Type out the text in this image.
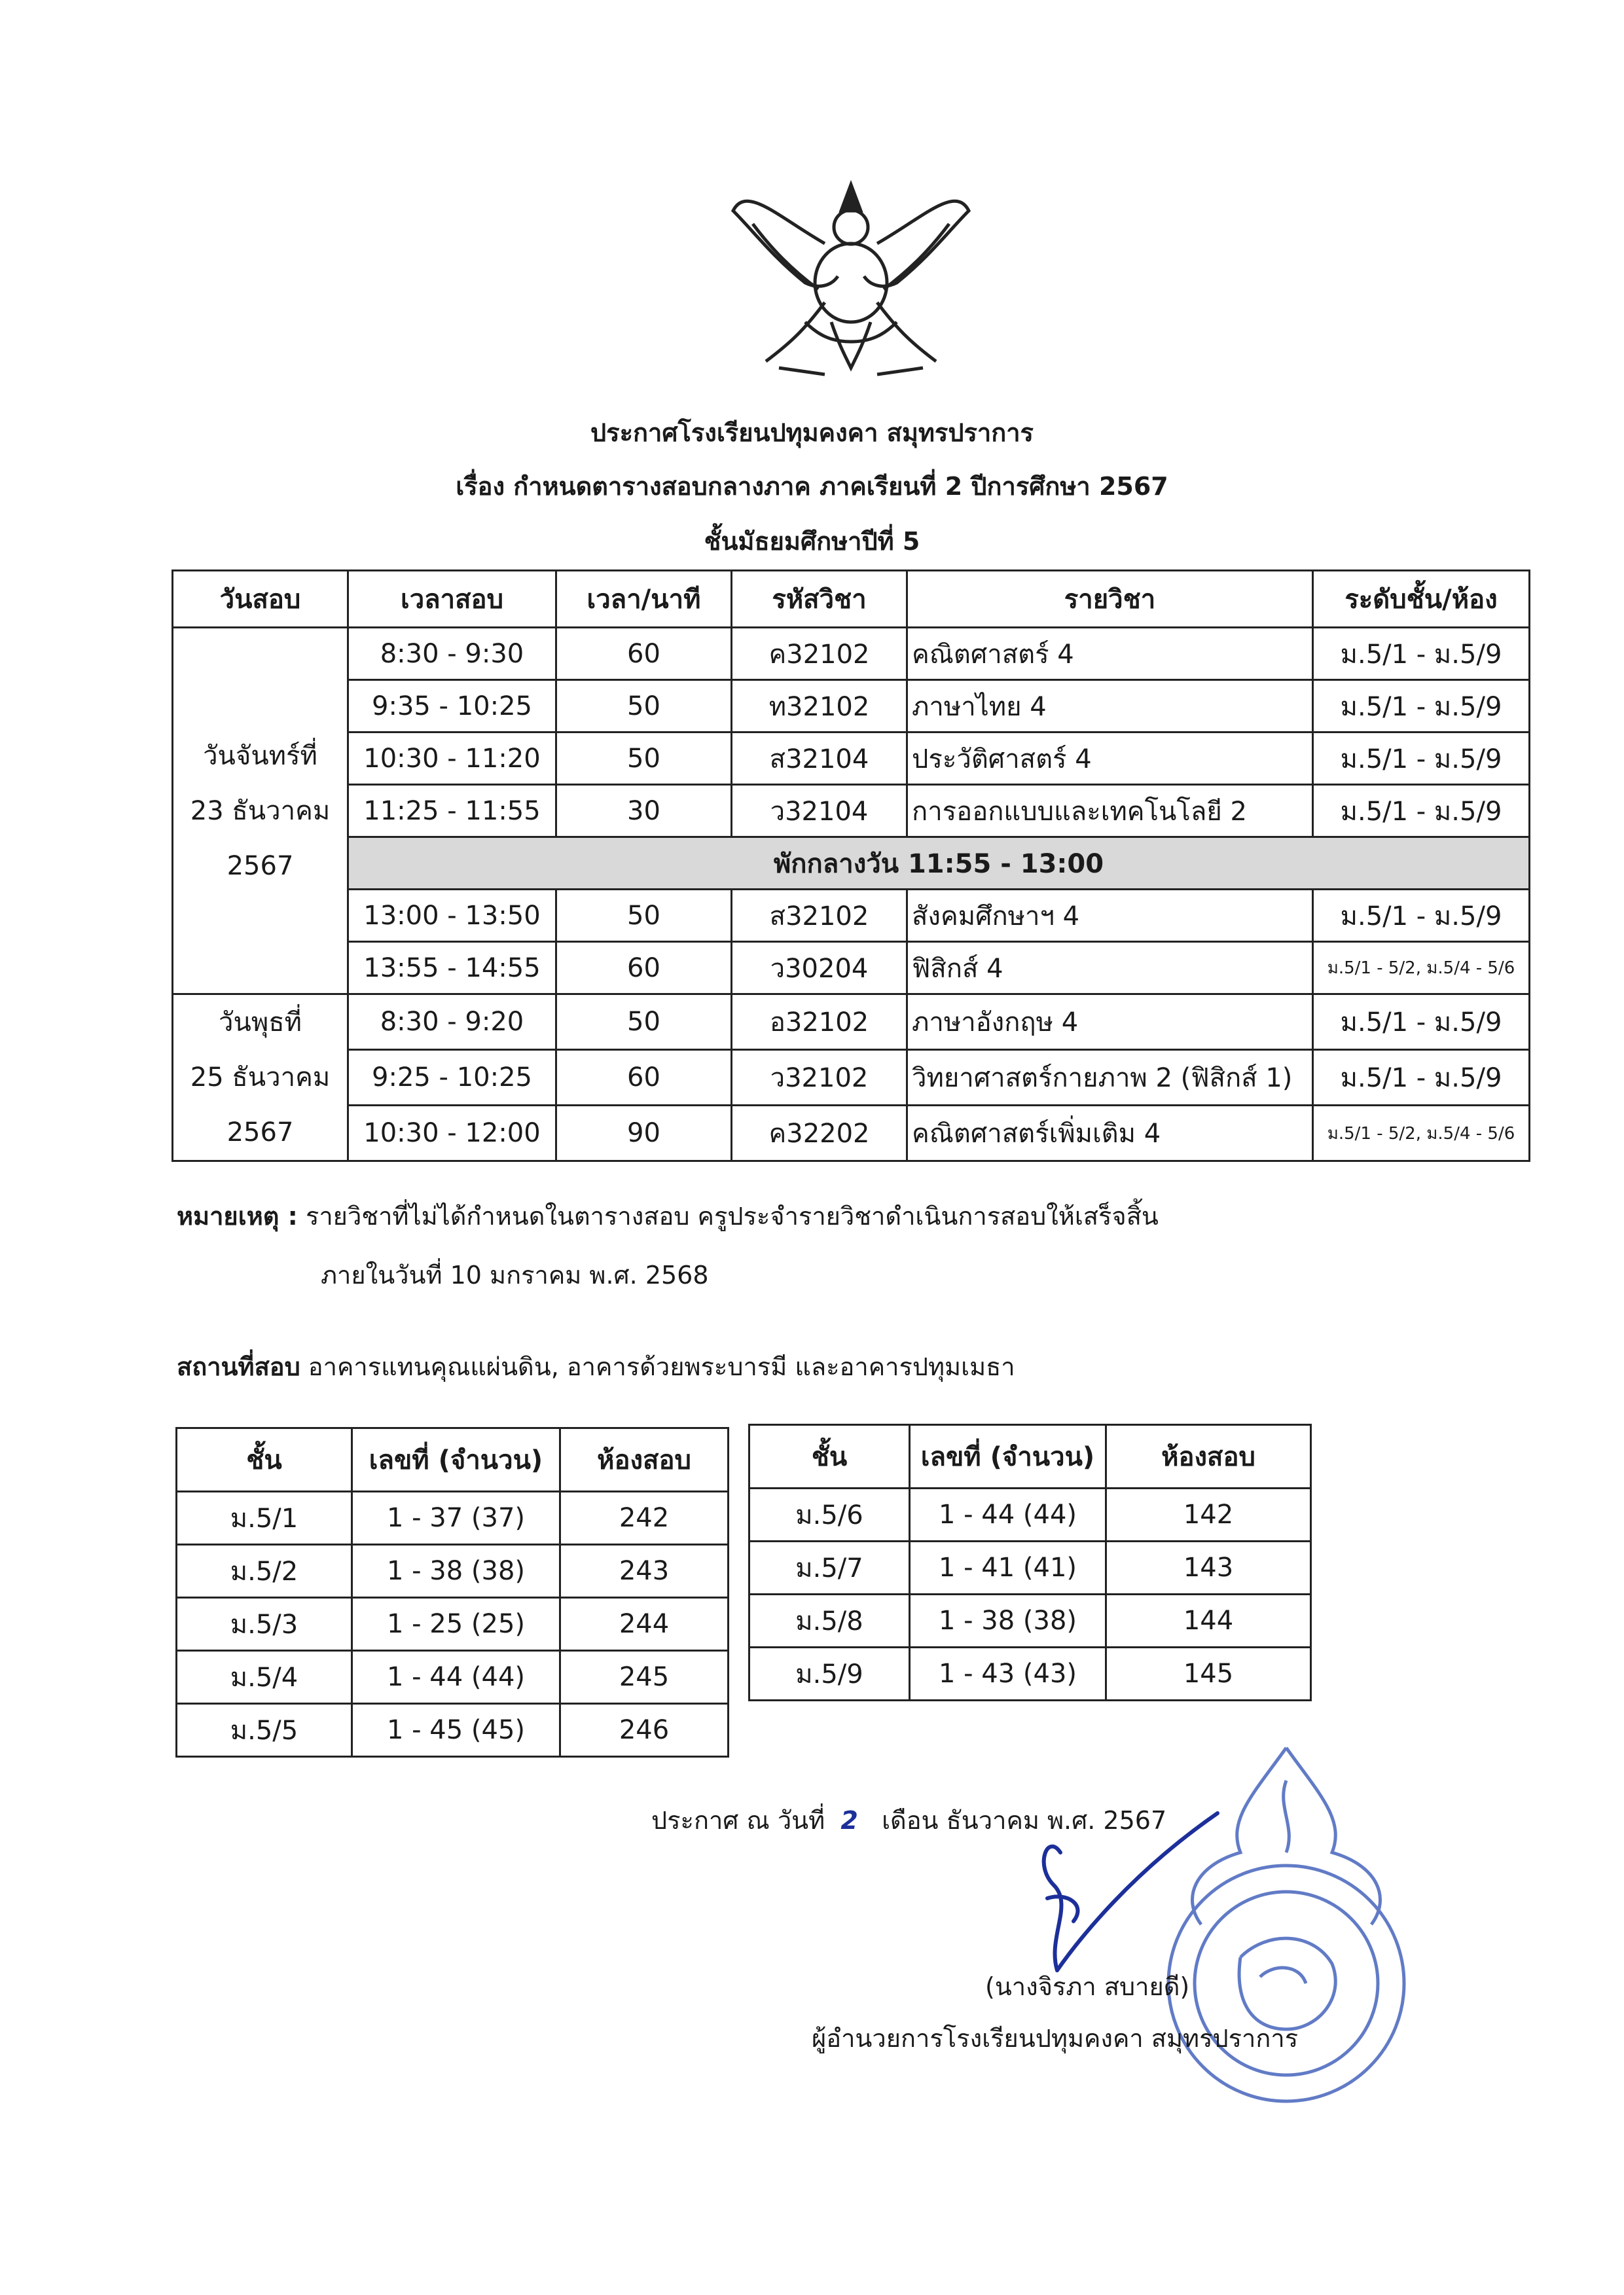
ประกาศโรงเรียนปทุมคงคา สมุทรปราการ
เรื่อง กำหนดตารางสอบกลางภาค ภาคเรียนที่ 2 ปีการศึกษา 2567
ชั้นมัธยมศึกษาปีที่ 5
วันสอบ	เวลาสอบ	เวลา/นาที	รหัสวิชา	รายวิชา	ระดับชั้น/ห้อง

วันจันทร์ที่
23 ธันวาคม
2567	8:30 - 9:30	60	ค32102	คณิตศาสตร์ 4	ม.5/1 - ม.5/9
	9:35 - 10:25	50	ท32102	ภาษาไทย 4	ม.5/1 - ม.5/9
	10:30 - 11:20	50	ส32104	ประวัติศาสตร์ 4	ม.5/1 - ม.5/9
	11:25 - 11:55	30	ว32104	การออกแบบและเทคโนโลยี 2	ม.5/1 - ม.5/9
	พักกลางวัน 11:55 - 13:00				
	13:00 - 13:50	50	ส32102	สังคมศึกษาฯ 4	ม.5/1 - ม.5/9
	13:55 - 14:55	60	ว30204	ฟิสิกส์ 4	ม.5/1 - 5/2, ม.5/4 - 5/6

วันพุธที่
25 ธันวาคม
2567	8:30 - 9:20	50	อ32102	ภาษาอังกฤษ 4	ม.5/1 - ม.5/9
	9:25 - 10:25	60	ว32102	วิทยาศาสตร์กายภาพ 2 (ฟิสิกส์ 1)	ม.5/1 - ม.5/9
	10:30 - 12:00	90	ค32202	คณิตศาสตร์เพิ่มเติม 4	ม.5/1 - 5/2, ม.5/4 - 5/6
หมายเหตุ : รายวิชาที่ไม่ได้กำหนดในตารางสอบ ครูประจำรายวิชาดำเนินการสอบให้เสร็จสิ้น
ภายในวันที่ 10 มกราคม พ.ศ. 2568
สถานที่สอบ อาคารแทนคุณแผ่นดิน, อาคารด้วยพระบารมี และอาคารปทุมเมธา
ชั้น	เลขที่ (จำนวน)	ห้องสอบ
ม.5/1	1 - 37 (37)	242
ม.5/2	1 - 38 (38)	243
ม.5/3	1 - 25 (25)	244
ม.5/4	1 - 44 (44)	245
ม.5/5	1 - 45 (45)	246
ชั้น	เลขที่ (จำนวน)	ห้องสอบ
ม.5/6	1 - 44 (44)	142
ม.5/7	1 - 41 (41)	143
ม.5/8	1 - 38 (38)	144
ม.5/9	1 - 43 (43)	145
ประกาศ ณ วันที่ 2 เดือน ธันวาคม พ.ศ. 2567
(นางจิรภา สบายดี)
ผู้อำนวยการโรงเรียนปทุมคงคา สมุทรปราการ
